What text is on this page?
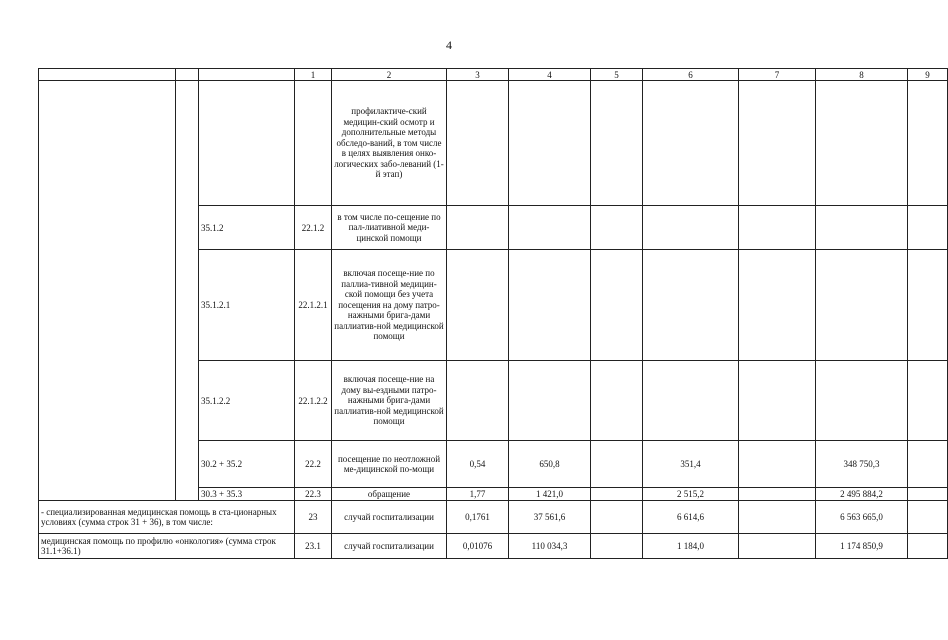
4
			1	2	3	4	5	6	7	8	9
				профилактиче-ский медицин-ский осмотр и дополнительные методы обследо-ваний, в том числе в целях выявления онко-логических забо-леваний (1-й этап)							
		35.1.2	22.1.2	в том числе по-сещение по пал-лиативной меди-цинской помощи							
		35.1.2.1	22.1.2.1	включая посеще-ние по паллиа-тивной медицин-ской помощи без учета посещения на дому патро-нажными брига-дами паллиатив-ной медицинской помощи							
		35.1.2.2	22.1.2.2	включая посеще-ние на дому вы-ездными патро-нажными брига-дами паллиатив-ной медицинской помощи							
		30.2 + 35.2	22.2	посещение по неотложной ме-дицинской по-мощи	0,54	650,8		351,4		348 750,3	
		30.3 + 35.3	22.3	обращение	1,77	1 421,0		2 515,2		2 495 884,2	
- специализированная медицинская помощь в ста-ционарных условиях (сумма строк 31 + 36), в том числе:			23	случай госпитализации	0,1761	37 561,6		6 614,6		6 563 665,0	
медицинская помощь по профилю «онкология» (сумма строк 31.1+36.1)			23.1	случай госпитализации	0,01076	110 034,3		1 184,0		1 174 850,9	
